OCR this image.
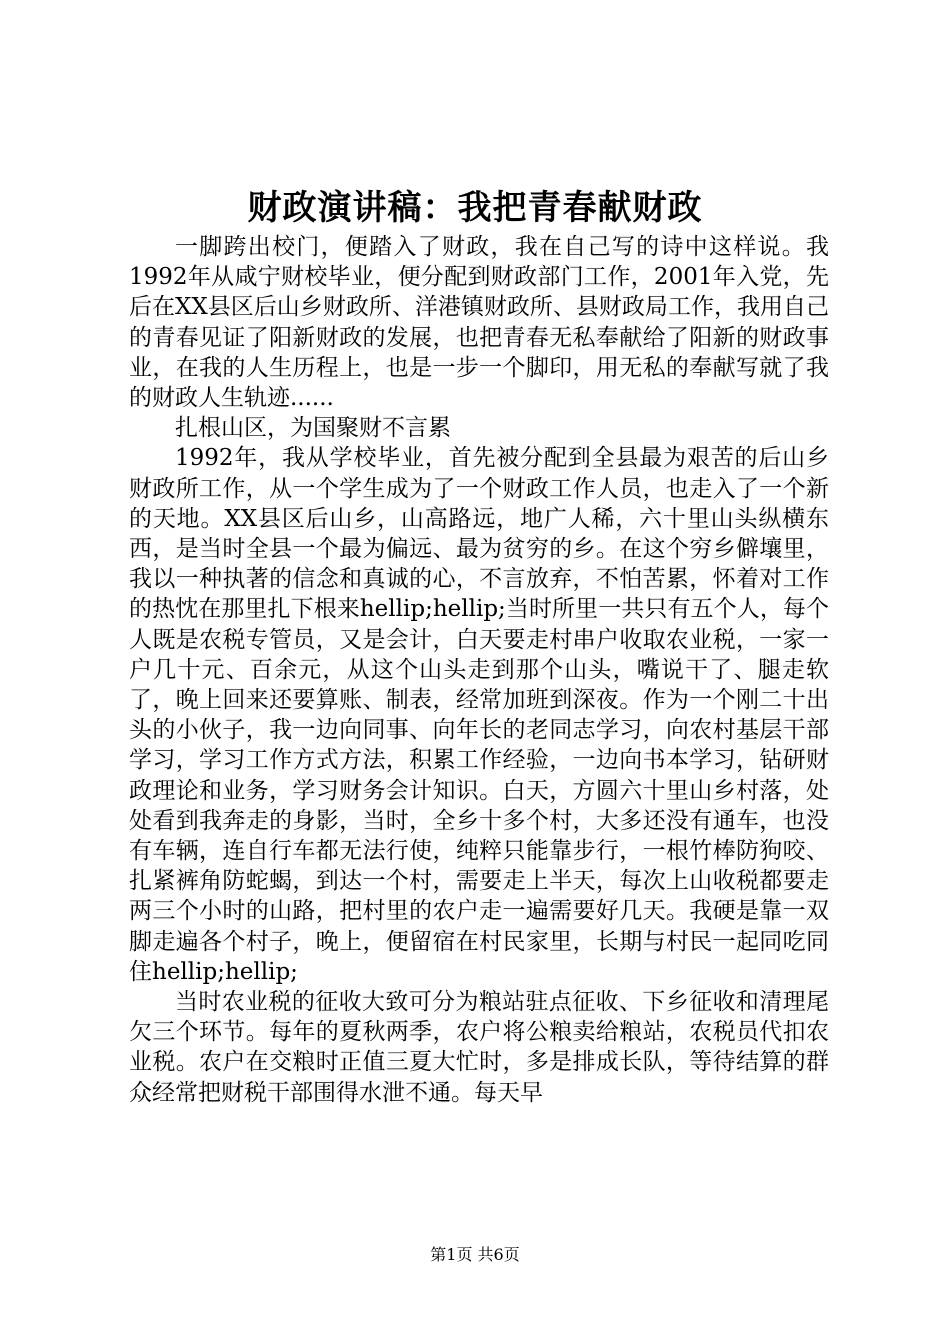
财政演讲稿：我把青春献财政

一脚跨出校门，便踏入了财政，我在自己写的诗中这样说。我1992年从咸宁财校毕业，便分配到财政部门工作，2001年入党，先后在XX县区后山乡财政所、洋港镇财政所、县财政局工作，我用自己的青春见证了阳新财政的发展，也把青春无私奉献给了阳新的财政事业，在我的人生历程上，也是一步一个脚印，用无私的奉献写就了我的财政人生轨迹......

扎根山区，为国聚财不言累

1992年，我从学校毕业，首先被分配到全县最为艰苦的后山乡财政所工作，从一个学生成为了一个财政工作人员，也走入了一个新的天地。XX县区后山乡，山高路远，地广人稀，六十里山头纵横东西，是当时全县一个最为偏远、最为贫穷的乡。在这个穷乡僻壤里，我以一种执著的信念和真诚的心，不言放弃，不怕苦累，怀着对工作的热忱在那里扎下根来hellip;hellip;当时所里一共只有五个人，每个人既是农税专管员，又是会计，白天要走村串户收取农业税，一家一户几十元、百余元，从这个山头走到那个山头，嘴说干了、腿走软了，晚上回来还要算账、制表，经常加班到深夜。作为一个刚二十出头的小伙子，我一边向同事、向年长的老同志学习，向农村基层干部学习，学习工作方式方法，积累工作经验，一边向书本学习，钻研财政理论和业务，学习财务会计知识。白天，方圆六十里山乡村落，处处看到我奔走的身影，当时，全乡十多个村，大多还没有通车，也没有车辆，连自行车都无法行使，纯粹只能靠步行，一根竹棒防狗咬、扎紧裤角防蛇蝎，到达一个村，需要走上半天，每次上山收税都要走两三个小时的山路，把村里的农户走一遍需要好几天。我硬是靠一双脚走遍各个村子，晚上，便留宿在村民家里，长期与村民一起同吃同住hellip;hellip;

当时农业税的征收大致可分为粮站驻点征收、下乡征收和清理尾欠三个环节。每年的夏秋两季，农户将公粮卖给粮站，农税员代扣农业税。农户在交粮时正值三夏大忙时，多是排成长队，等待结算的群众经常把财税干部围得水泄不通。每天早

第1页 共6页
